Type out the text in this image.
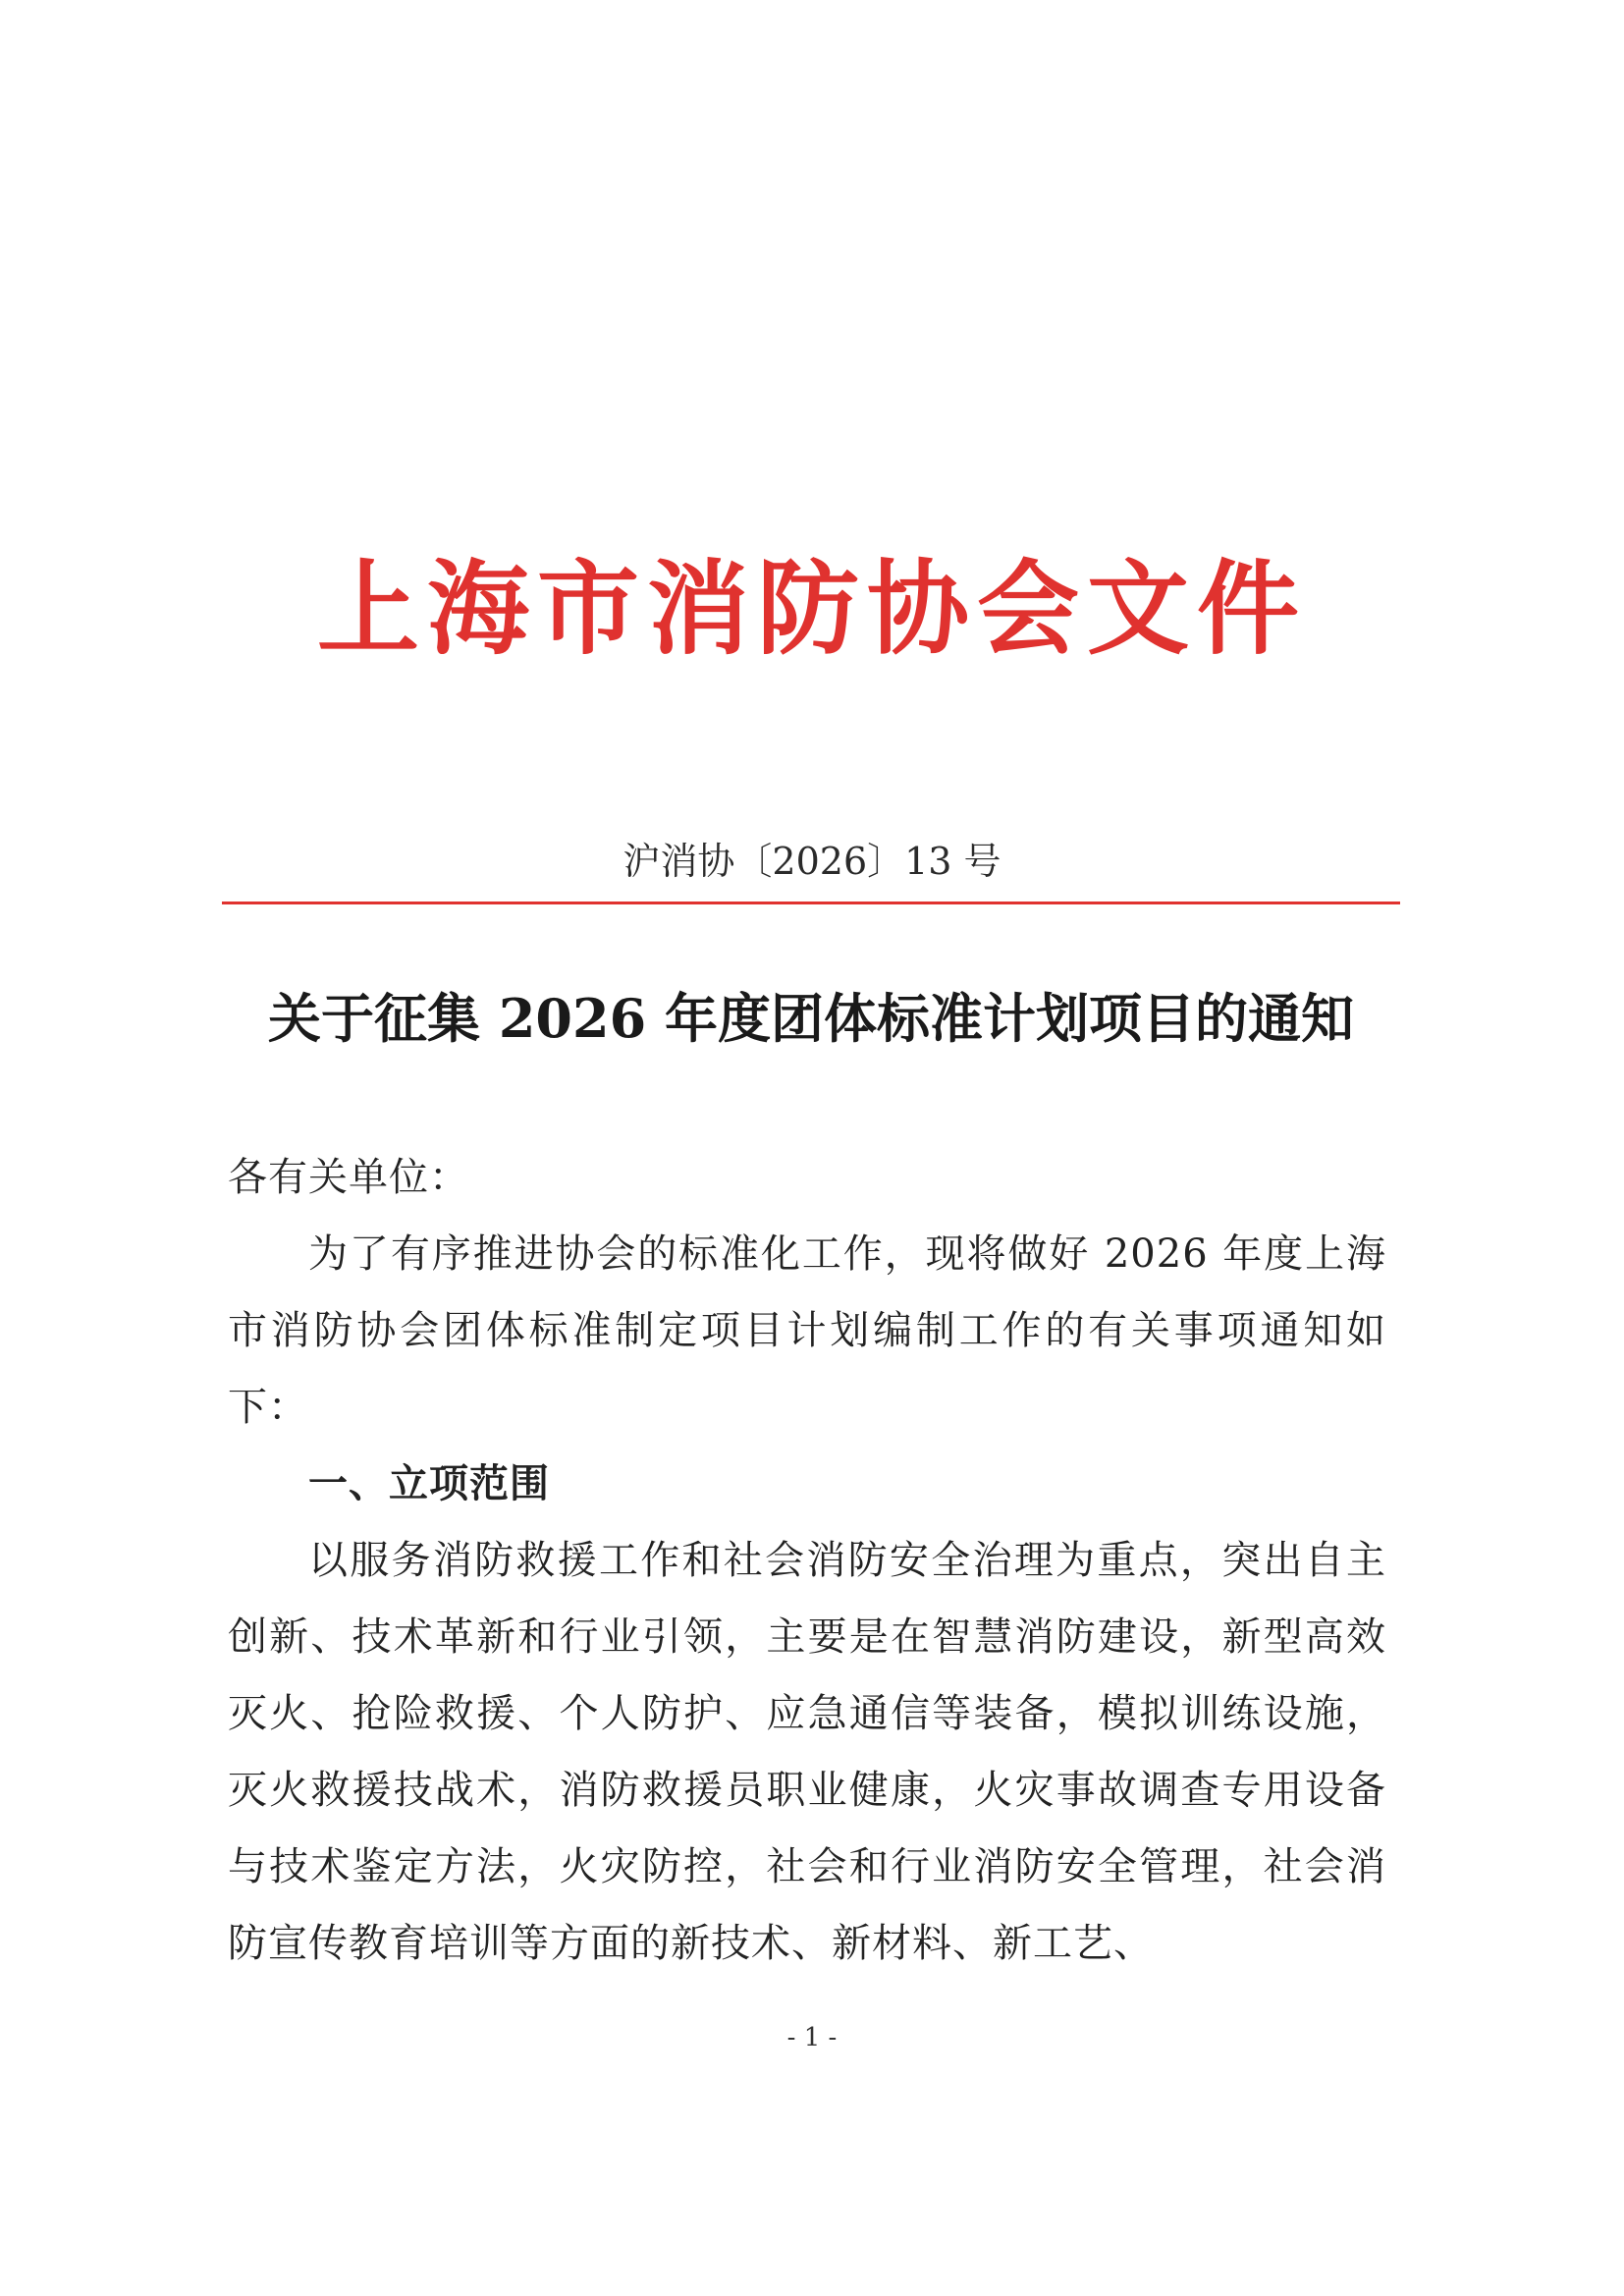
上海市消防协会文件
沪消协〔2026〕13 号
关于征集 2026 年度团体标准计划项目的通知

各有关单位：

为了有序推进协会的标准化工作，现将做好 2026 年度上海市消防协会团体标准制定项目计划编制工作的有关事项通知如下：

一、立项范围

以服务消防救援工作和社会消防安全治理为重点，突出自主创新、技术革新和行业引领，主要是在智慧消防建设，新型高效灭火、抢险救援、个人防护、应急通信等装备，模拟训练设施，灭火救援技战术，消防救援员职业健康，火灾事故调查专用设备与技术鉴定方法，火灾防控，社会和行业消防安全管理，社会消防宣传教育培训等方面的新技术、新材料、新工艺、

- 1 -
